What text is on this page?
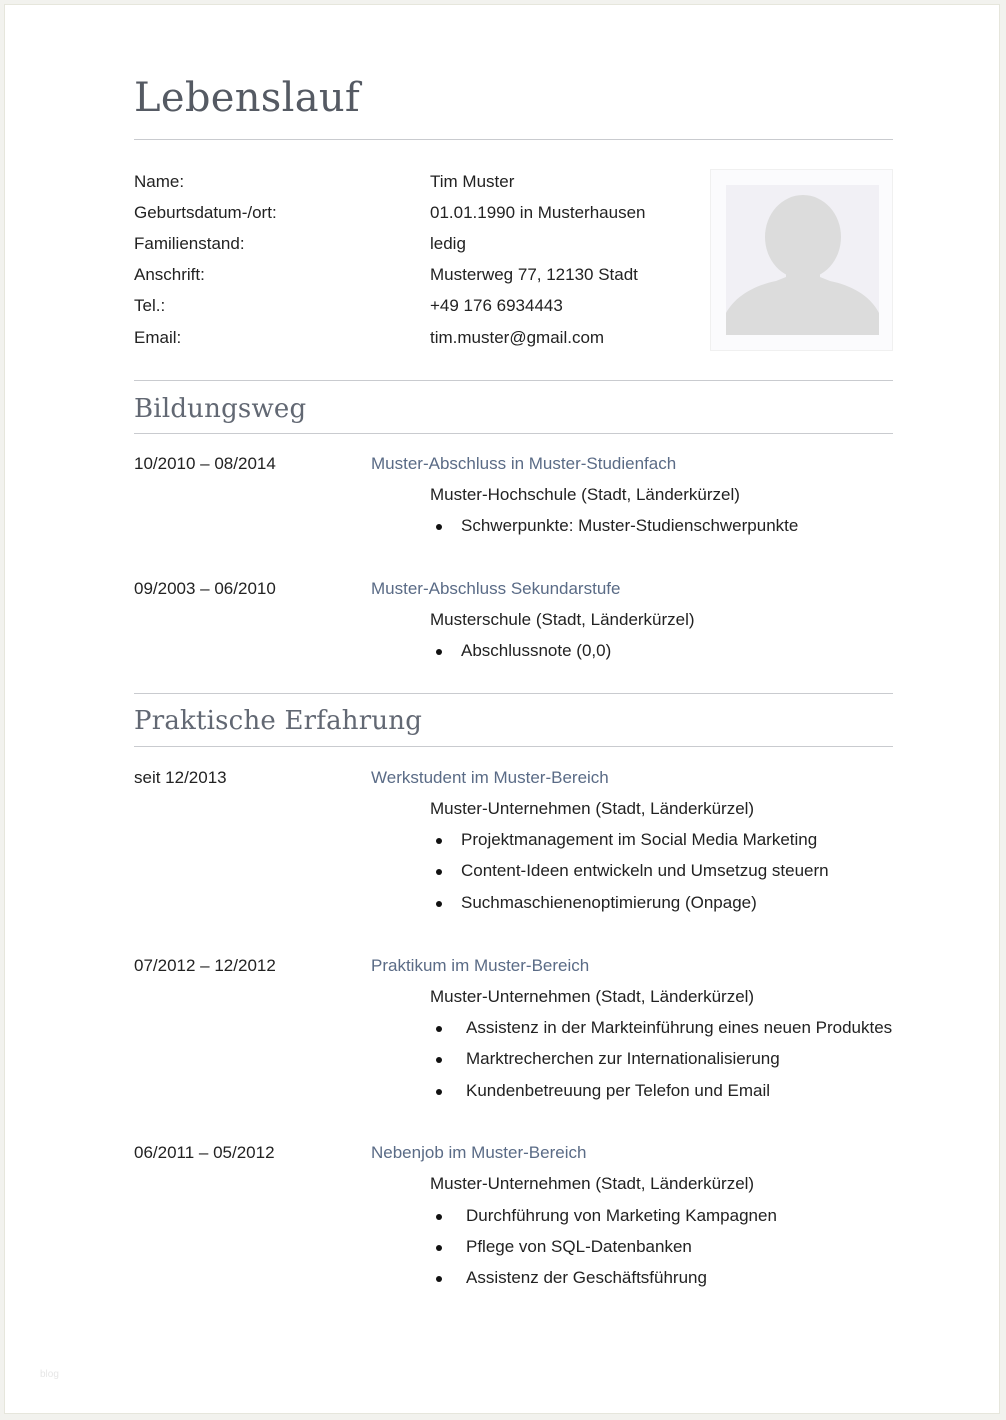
Lebenslauf
Name:	Tim Muster
Geburtsdatum-/ort:	01.01.1990 in Musterhausen
Familienstand:	ledig
Anschrift:	Musterweg 77, 12130 Stadt
Tel.:	+49 176 6934443
Email:	tim.muster@gmail.com
Bildungsweg
10/2010 – 08/2014	Muster-Abschluss in Muster-Studienfach
Muster-Hochschule (Stadt, Länderkürzel)
Schwerpunkte: Muster-Studienschwerpunkte
09/2003 – 06/2010	Muster-Abschluss Sekundarstufe
Musterschule (Stadt, Länderkürzel)
Abschlussnote (0,0)
Praktische Erfahrung
seit 12/2013	Werkstudent im Muster-Bereich
Muster-Unternehmen (Stadt, Länderkürzel)
Projektmanagement im Social Media Marketing
Content-Ideen entwickeln und Umsetzug steuern
Suchmaschienenoptimierung (Onpage)
07/2012 – 12/2012	Praktikum im Muster-Bereich
Muster-Unternehmen (Stadt, Länderkürzel)
Assistenz in der Markteinführung eines neuen Produktes
Marktrecherchen zur Internationalisierung
Kundenbetreuung per Telefon und Email
06/2011 – 05/2012	Nebenjob im Muster-Bereich
Muster-Unternehmen (Stadt, Länderkürzel)
Durchführung von Marketing Kampagnen
Pflege von SQL-Datenbanken
Assistenz der Geschäftsführung
blog
